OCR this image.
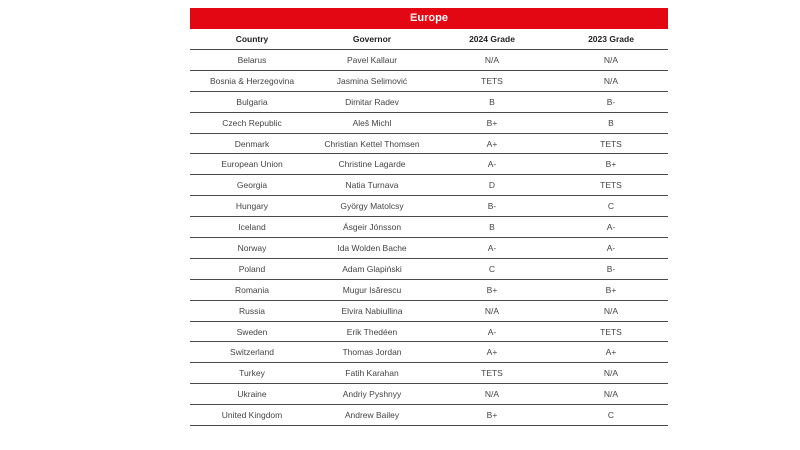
Europe
Country	Governor	2024 Grade	2023 Grade
Belarus	Pavel Kallaur	N/A	N/A
Bosnia & Herzegovina	Jasmina Selimović	TETS	N/A
Bulgaria	Dimitar Radev	B	B-
Czech Republic	Aleš Michl	B+	B
Denmark	Christian Kettel Thomsen	A+	TETS
European Union	Christine Lagarde	A-	B+
Georgia	Natia Turnava	D	TETS
Hungary	György Matolcsy	B-	C
Iceland	Ásgeir Jónsson	B	A-
Norway	Ida Wolden Bache	A-	A-
Poland	Adam Glapiński	C	B-
Romania	Mugur Isărescu	B+	B+
Russia	Elvira Nabiullina	N/A	N/A
Sweden	Erik Thedéen	A-	TETS
Switzerland	Thomas Jordan	A+	A+
Turkey	Fatih Karahan	TETS	N/A
Ukraine	Andriy Pyshnyy	N/A	N/A
United Kingdom	Andrew Bailey	B+	C
